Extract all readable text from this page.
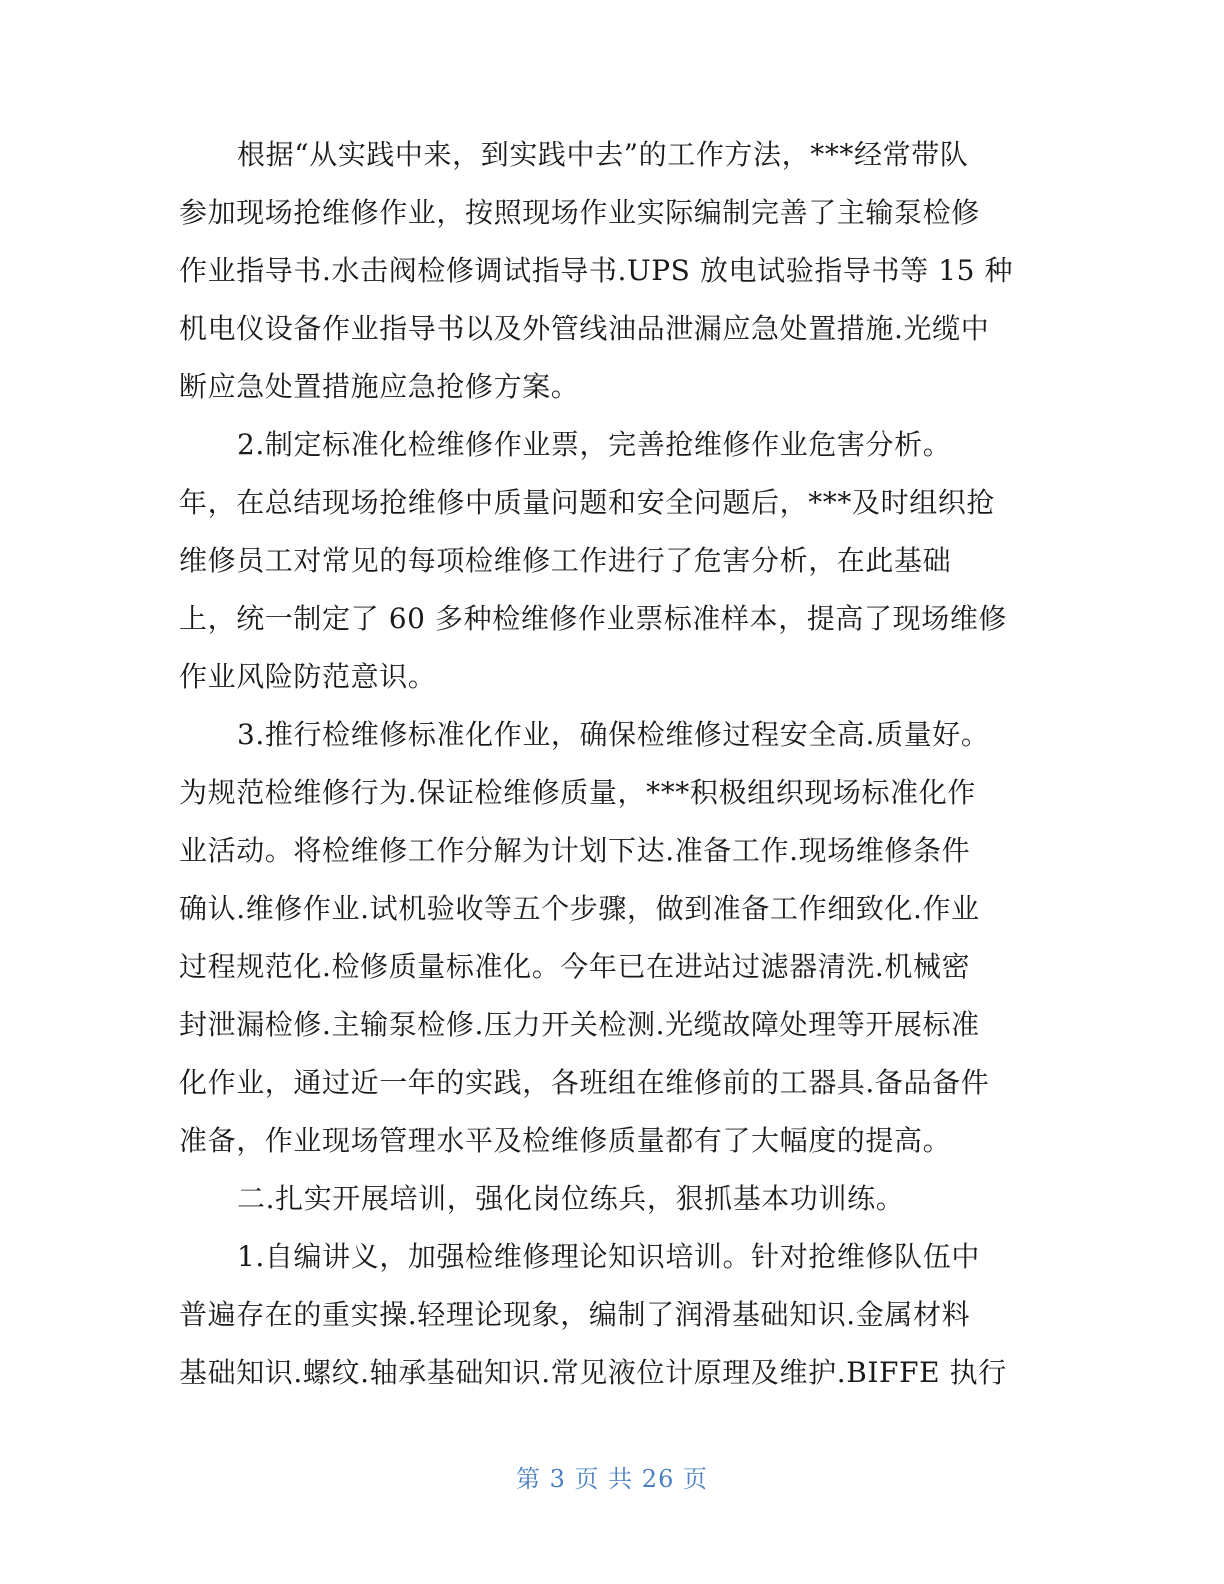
根据“从实践中来，到实践中去”的工作方法，***经常带队
参加现场抢维修作业，按照现场作业实际编制完善了主输泵检修
作业指导书.水击阀检修调试指导书.UPS 放电试验指导书等 15 种
机电仪设备作业指导书以及外管线油品泄漏应急处置措施.光缆中
断应急处置措施应急抢修方案。
2.制定标准化检维修作业票，完善抢维修作业危害分析。
年，在总结现场抢维修中质量问题和安全问题后，***及时组织抢
维修员工对常见的每项检维修工作进行了危害分析，在此基础
上，统一制定了 60 多种检维修作业票标准样本，提高了现场维修
作业风险防范意识。
3.推行检维修标准化作业，确保检维修过程安全高.质量好。
为规范检维修行为.保证检维修质量，***积极组织现场标准化作
业活动。将检维修工作分解为计划下达.准备工作.现场维修条件
确认.维修作业.试机验收等五个步骤，做到准备工作细致化.作业
过程规范化.检修质量标准化。今年已在进站过滤器清洗.机械密
封泄漏检修.主输泵检修.压力开关检测.光缆故障处理等开展标准
化作业，通过近一年的实践，各班组在维修前的工器具.备品备件
准备，作业现场管理水平及检维修质量都有了大幅度的提高。
二.扎实开展培训，强化岗位练兵，狠抓基本功训练。
1.自编讲义，加强检维修理论知识培训。针对抢维修队伍中
普遍存在的重实操.轻理论现象，编制了润滑基础知识.金属材料
基础知识.螺纹.轴承基础知识.常见液位计原理及维护.BIFFE 执行
第 3 页 共 26 页
